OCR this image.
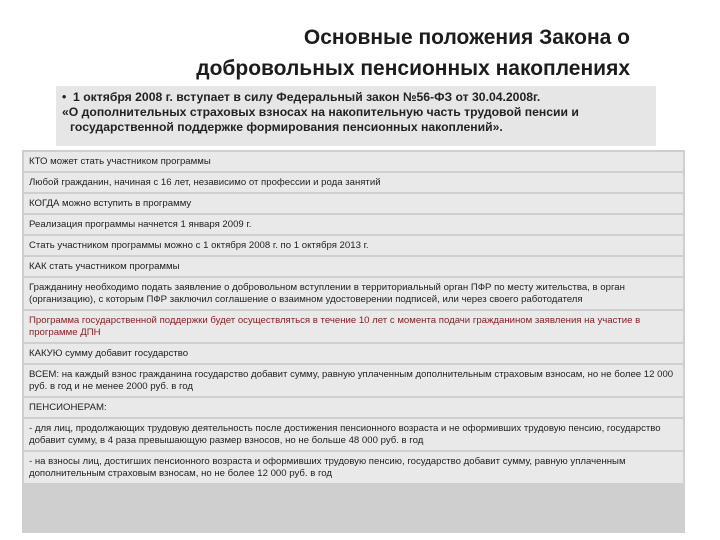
Основные положения Закона о
добровольных пенсионных накоплениях

•  1 октября 2008 г. вступает в силу Федеральный закон №56-ФЗ от 30.04.2008г.

«О дополнительных страховых взносах на накопительную часть трудовой пенсии и государственной поддержке формирования пенсионных накоплений».

КТО может стать участником программы
Любой гражданин, начиная с 16 лет, независимо от профессии и рода занятий
КОГДА можно вступить в программу
Реализация программы начнется 1 января 2009 г.
Стать участником программы можно с 1 октября 2008 г. по 1 октября 2013 г.
КАК стать участником программы
Гражданину необходимо подать заявление о добровольном вступлении в территориальный орган ПФР по месту жительства, в орган (организацию), с которым ПФР заключил соглашение о взаимном удостоверении подписей, или через своего работодателя
Программа государственной поддержки будет осуществляться в течение 10 лет с момента подачи гражданином заявления на участие в программе ДПН
КАКУЮ сумму добавит государство
ВСЕМ: на каждый взнос гражданина государство добавит сумму, равную уплаченным дополнительным страховым взносам, но не более 12 000 руб. в год и не менее 2000 руб. в год
ПЕНСИОНЕРАМ:
- для лиц, продолжающих трудовую деятельность после достижения пенсионного возраста и не оформивших трудовую пенсию, государство добавит сумму, в 4 раза превышающую размер взносов, но не больше 48 000 руб. в год
- на взносы лиц, достигших пенсионного возраста и оформивших трудовую пенсию, государство добавит сумму, равную уплаченным дополнительным страховым взносам, но не более 12 000 руб. в год
